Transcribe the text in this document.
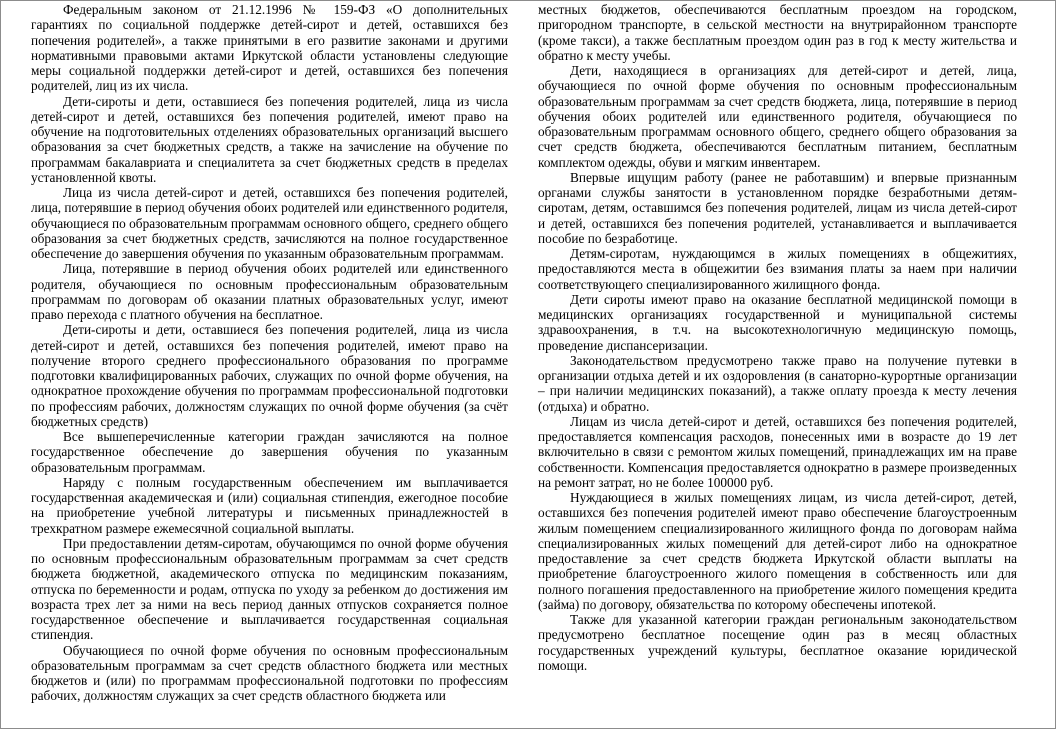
Федеральным законом от 21.12.1996 № 159-ФЗ «О дополнительных гарантиях по социальной поддержке детей-сирот и детей, оставшихся без попечения родителей», а также принятыми в его развитие законами и другими нормативными правовыми актами Иркутской области установлены следующие меры социальной поддержки детей-сирот и детей, оставшихся без попечения родителей, лиц из их числа.

Дети-сироты и дети, оставшиеся без попечения родителей, лица из числа детей-сирот и детей, оставшихся без попечения родителей, имеют право на обучение на подготовительных отделениях образовательных организаций высшего образования за счет бюджетных средств, а также на зачисление на обучение по программам бакалавриата и специалитета за счет бюджетных средств в пределах установленной квоты.

Лица из числа детей-сирот и детей, оставшихся без попечения родителей, лица, потерявшие в период обучения обоих родителей или единственного родителя, обучающиеся по образовательным программам основного общего, среднего общего образования за счет бюджетных средств, зачисляются на полное государственное обеспечение до завершения обучения по указанным образовательным программам.

Лица, потерявшие в период обучения обоих родителей или единственного родителя, обучающиеся по основным профессиональным образовательным программам по договорам об оказании платных образовательных услуг, имеют право перехода с платного обучения на бесплатное.

Дети-сироты и дети, оставшиеся без попечения родителей, лица из числа детей-сирот и детей, оставшихся без попечения родителей, имеют право на получение второго среднего профессионального образования по программе подготовки квалифицированных рабочих, служащих по очной форме обучения, на однократное прохождение обучения по программам профессиональной подготовки по профессиям рабочих, должностям служащих по очной форме обучения (за счёт бюджетных средств)

Все вышеперечисленные категории граждан зачисляются на полное государственное обеспечение до завершения обучения по указанным образовательным программам.

Наряду с полным государственным обеспечением им выплачивается государственная академическая и (или) социальная стипендия, ежегодное пособие на приобретение учебной литературы и письменных принадлежностей в трехкратном размере ежемесячной социальной выплаты.

При предоставлении детям-сиротам, обучающимся по очной форме обучения по основным профессиональным образовательным программам за счет средств бюджета бюджетной, академического отпуска по медицинским показаниям, отпуска по беременности и родам, отпуска по уходу за ребенком до достижения им возраста трех лет за ними на весь период данных отпусков сохраняется полное государственное обеспечение и выплачивается государственная социальная стипендия.

Обучающиеся по очной форме обучения по основным профессиональным образовательным программам за счет средств областного бюджета или местных бюджетов и (или) по программам профессиональной подготовки по профессиям рабочих, должностям служащих за счет средств областного бюджета или

местных бюджетов, обеспечиваются бесплатным проездом на городском, пригородном транспорте, в сельской местности на внутрирайонном транспорте (кроме такси), а также бесплатным проездом один раз в год к месту жительства и обратно к месту учебы.

Дети, находящиеся в организациях для детей-сирот и детей, лица, обучающиеся по очной форме обучения по основным профессиональным образовательным программам за счет средств бюджета, лица, потерявшие в период обучения обоих родителей или единственного родителя, обучающиеся по образовательным программам основного общего, среднего общего образования за счет средств бюджета, обеспечиваются бесплатным питанием, бесплатным комплектом одежды, обуви и мягким инвентарем.

Впервые ищущим работу (ранее не работавшим) и впервые признанным органами службы занятости в установленном порядке безработными детям-сиротам, детям, оставшимся без попечения родителей, лицам из числа детей-сирот и детей, оставшихся без попечения родителей, устанавливается и выплачивается пособие по безработице.

Детям-сиротам, нуждающимся в жилых помещениях в общежитиях, предоставляются места в общежитии без взимания платы за наем при наличии соответствующего специализированного жилищного фонда.

Дети сироты имеют право на оказание бесплатной медицинской помощи в медицинских организациях государственной и муниципальной системы здравоохранения, в т.ч. на высокотехнологичную медицинскую помощь, проведение диспансеризации.

Законодательством предусмотрено также право на получение путевки в организации отдыха детей и их оздоровления (в санаторно-курортные организации – при наличии медицинских показаний), а также оплату проезда к месту лечения (отдыха) и обратно.

Лицам из числа детей-сирот и детей, оставшихся без попечения родителей, предоставляется компенсация расходов, понесенных ими в возрасте до 19 лет включительно в связи с ремонтом жилых помещений, принадлежащих им на праве собственности. Компенсация предоставляется однократно в размере произведенных на ремонт затрат, но не более 100000 руб.

Нуждающиеся в жилых помещениях лицам, из числа детей-сирот, детей, оставшихся без попечения родителей имеют право обеспечение благоустроенным жилым помещением специализированного жилищного фонда по договорам найма специализированных жилых помещений для детей-сирот либо на однократное предоставление за счет средств бюджета Иркутской области выплаты на приобретение благоустроенного жилого помещения в собственность или для полного погашения предоставленного на приобретение жилого помещения кредита (займа) по договору, обязательства по которому обеспечены ипотекой.

Также для указанной категории граждан региональным законодательством предусмотрено бесплатное посещение один раз в месяц областных государственных учреждений культуры, бесплатное оказание юридической помощи.
